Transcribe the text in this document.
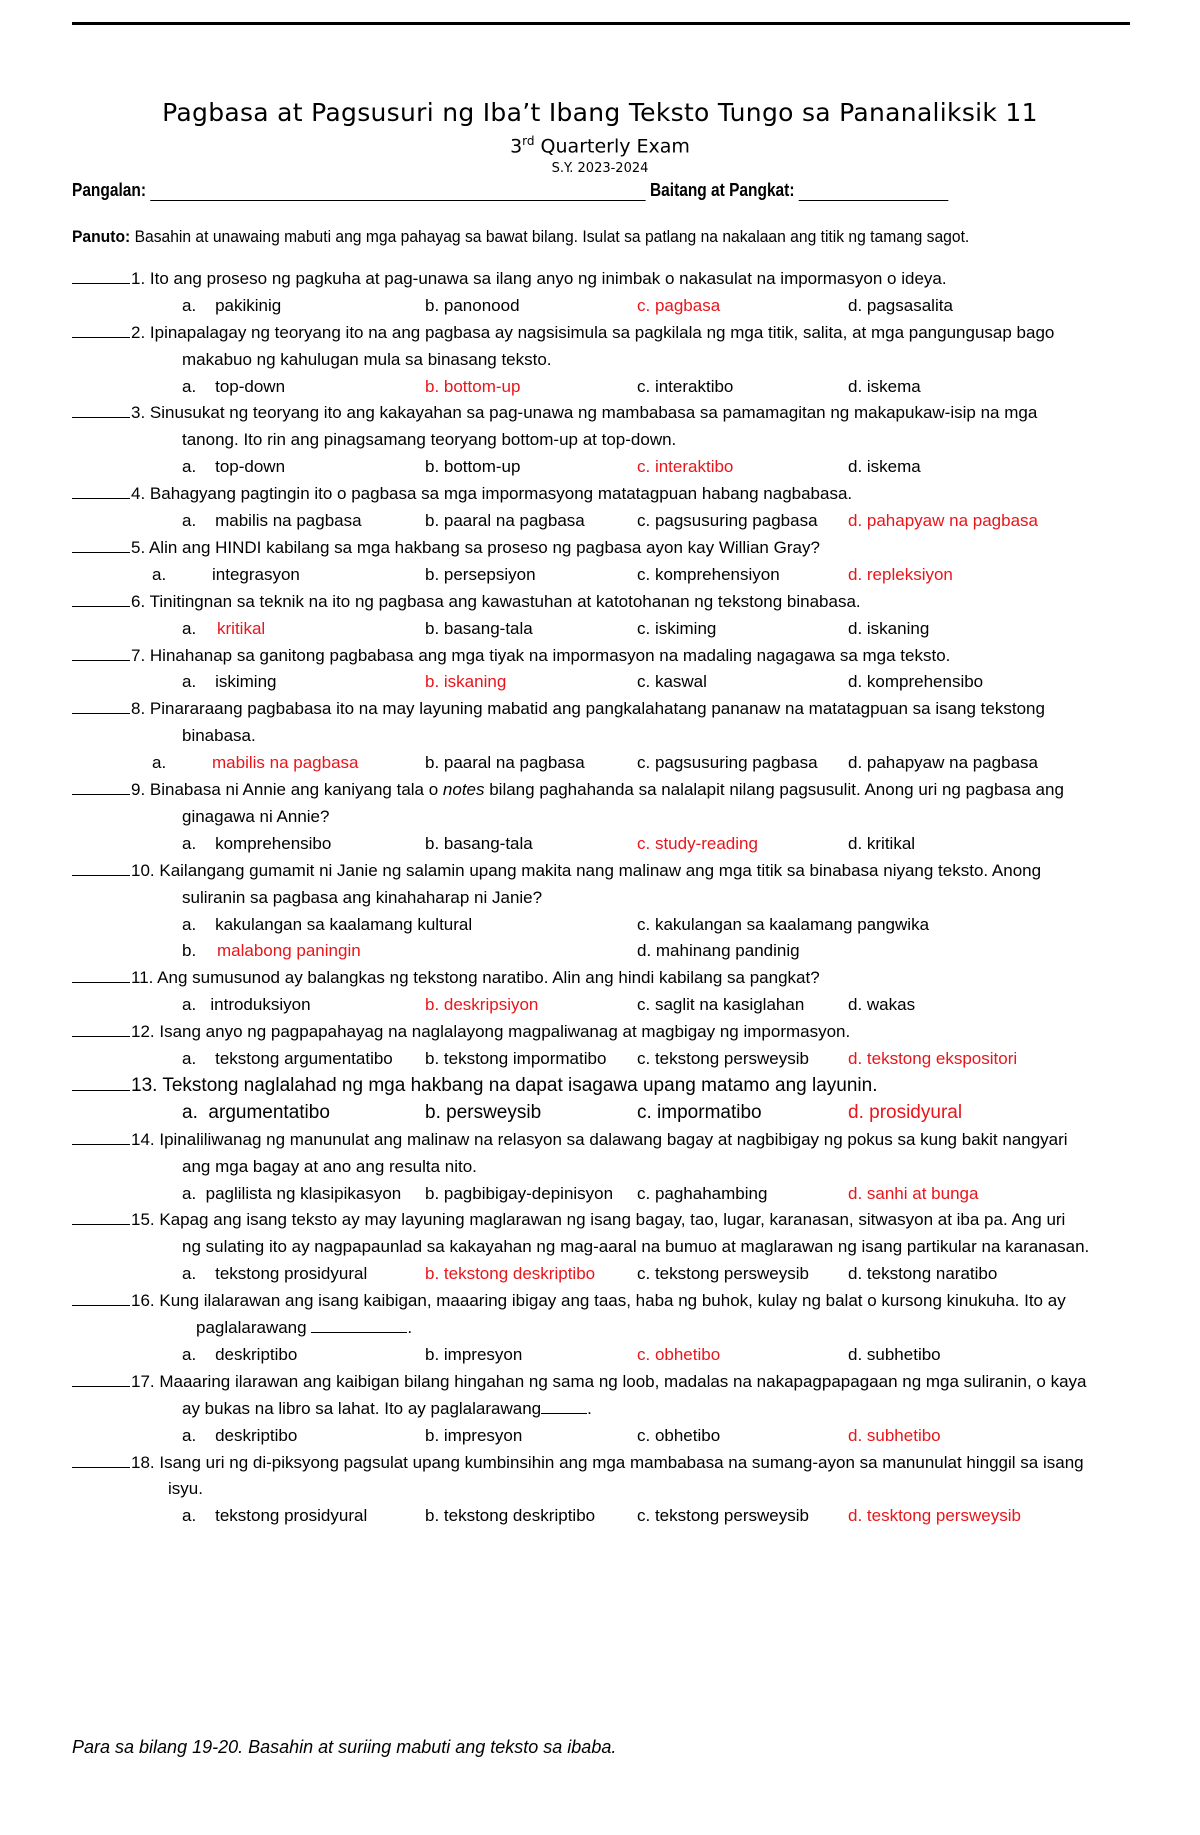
Pagbasa at Pagsusuri ng Iba’t Ibang Teksto Tungo sa Pananaliksik 11
3rd Quarterly Exam
S.Y. 2023-2024
Pangalan:	Baitang at Pangkat:
Panuto: Basahin at unawaing mabuti ang mga pahayag sa bawat bilang. Isulat sa patlang na nakalaan ang titik ng tamang sagot.
1. Ito ang proseso ng pagkuha at pag-unawa sa ilang anyo ng inimbak o nakasulat na impormasyon o ideya.
a. pakikinig	b. panonood	c. pagbasa	d. pagsasalita
2. Ipinapalagay ng teoryang ito na ang pagbasa ay nagsisimula sa pagkilala ng mga titik, salita, at mga pangungusap bago
makabuo ng kahulugan mula sa binasang teksto.
a. top-down	b. bottom-up	c. interaktibo	d. iskema
3. Sinusukat ng teoryang ito ang kakayahan sa pag-unawa ng mambabasa sa pamamagitan ng makapukaw-isip na mga
tanong. Ito rin ang pinagsamang teoryang bottom-up at top-down.
a. top-down	b. bottom-up	c. interaktibo	d. iskema
4. Bahagyang pagtingin ito o pagbasa sa mga impormasyong matatagpuan habang nagbabasa.
a. mabilis na pagbasa	b. paaral na pagbasa	c. pagsusuring pagbasa d. pahapyaw na pagbasa
5. Alin ang HINDI kabilang sa mga hakbang sa proseso ng pagbasa ayon kay Willian Gray?
a.	integrasyon	b. persepsiyon	c. komprehensiyon	d. repleksiyon
6. Tinitingnan sa teknik na ito ng pagbasa ang kawastuhan at katotohanan ng tekstong binabasa.
a. kritikal	b. basang-tala	c. iskiming	d. iskaning
7. Hinahanap sa ganitong pagbabasa ang mga tiyak na impormasyon na madaling nagagawa sa mga teksto.
a. iskiming	b. iskaning	c. kaswal	d. komprehensibo
8. Pinararaang pagbabasa ito na may layuning mabatid ang pangkalahatang pananaw na matatagpuan sa isang tekstong
binabasa.
a.	mabilis na pagbasa	b. paaral na pagbasa	c. pagsusuring pagbasa d. pahapyaw na pagbasa
9. Binabasa ni Annie ang kaniyang tala o notes bilang paghahanda sa nalalapit nilang pagsusulit. Anong uri ng pagbasa ang
ginagawa ni Annie?
a. komprehensibo	b. basang-tala	c. study-reading	d. kritikal
10. Kailangang gumamit ni Janie ng salamin upang makita nang malinaw ang mga titik sa binabasa niyang teksto. Anong
suliranin sa pagbasa ang kinahaharap ni Janie?
a. kakulangan sa kaalamang kultural	c. kakulangan sa kaalamang pangwika
b. malabong paningin	d. mahinang pandinig
11. Ang sumusunod ay balangkas ng tekstong naratibo. Alin ang hindi kabilang sa pangkat?
a. introduksiyon	b. deskripsiyon	c. saglit na kasiglahan	d. wakas
12. Isang anyo ng pagpapahayag na naglalayong magpaliwanag at magbigay ng impormasyon.
a. tekstong argumentatibo b. tekstong impormatibo c. tekstong persweysib d. tekstong ekspositori
13. Tekstong naglalahad ng mga hakbang na dapat isagawa upang matamo ang layunin.
a. argumentatibo	b. persweysib	c. impormatibo	d. prosidyural
14. Ipinaliliwanag ng manunulat ang malinaw na relasyon sa dalawang bagay at nagbibigay ng pokus sa kung bakit nangyari
ang mga bagay at ano ang resulta nito.
a. paglilista ng klasipikasyon b. pagbibigay-depinisyon c. paghahambing	d. sanhi at bunga
15. Kapag ang isang teksto ay may layuning maglarawan ng isang bagay, tao, lugar, karanasan, sitwasyon at iba pa. Ang uri
ng sulating ito ay nagpapaunlad sa kakayahan ng mag-aaral na bumuo at maglarawan ng isang partikular na karanasan.
a. tekstong prosidyural	b. tekstong deskriptibo c. tekstong persweysib d. tekstong naratibo
16. Kung ilalarawan ang isang kaibigan, maaaring ibigay ang taas, haba ng buhok, kulay ng balat o kursong kinukuha. Ito ay
paglalarawang	.
a. deskriptibo	b. impresyon	c. obhetibo	d. subhetibo
17. Maaaring ilarawan ang kaibigan bilang hingahan ng sama ng loob, madalas na nakapagpapagaan ng mga suliranin, o kaya
ay bukas na libro sa lahat. Ito ay paglalarawang	.
a. deskriptibo	b. impresyon	c. obhetibo	d. subhetibo
18. Isang uri ng di-piksyong pagsulat upang kumbinsihin ang mga mambabasa na sumang-ayon sa manunulat hinggil sa isang
isyu.
a. tekstong prosidyural	b. tekstong deskriptibo c. tekstong persweysib d. tesktong persweysib
Para sa bilang 19-20. Basahin at suriing mabuti ang teksto sa ibaba.
